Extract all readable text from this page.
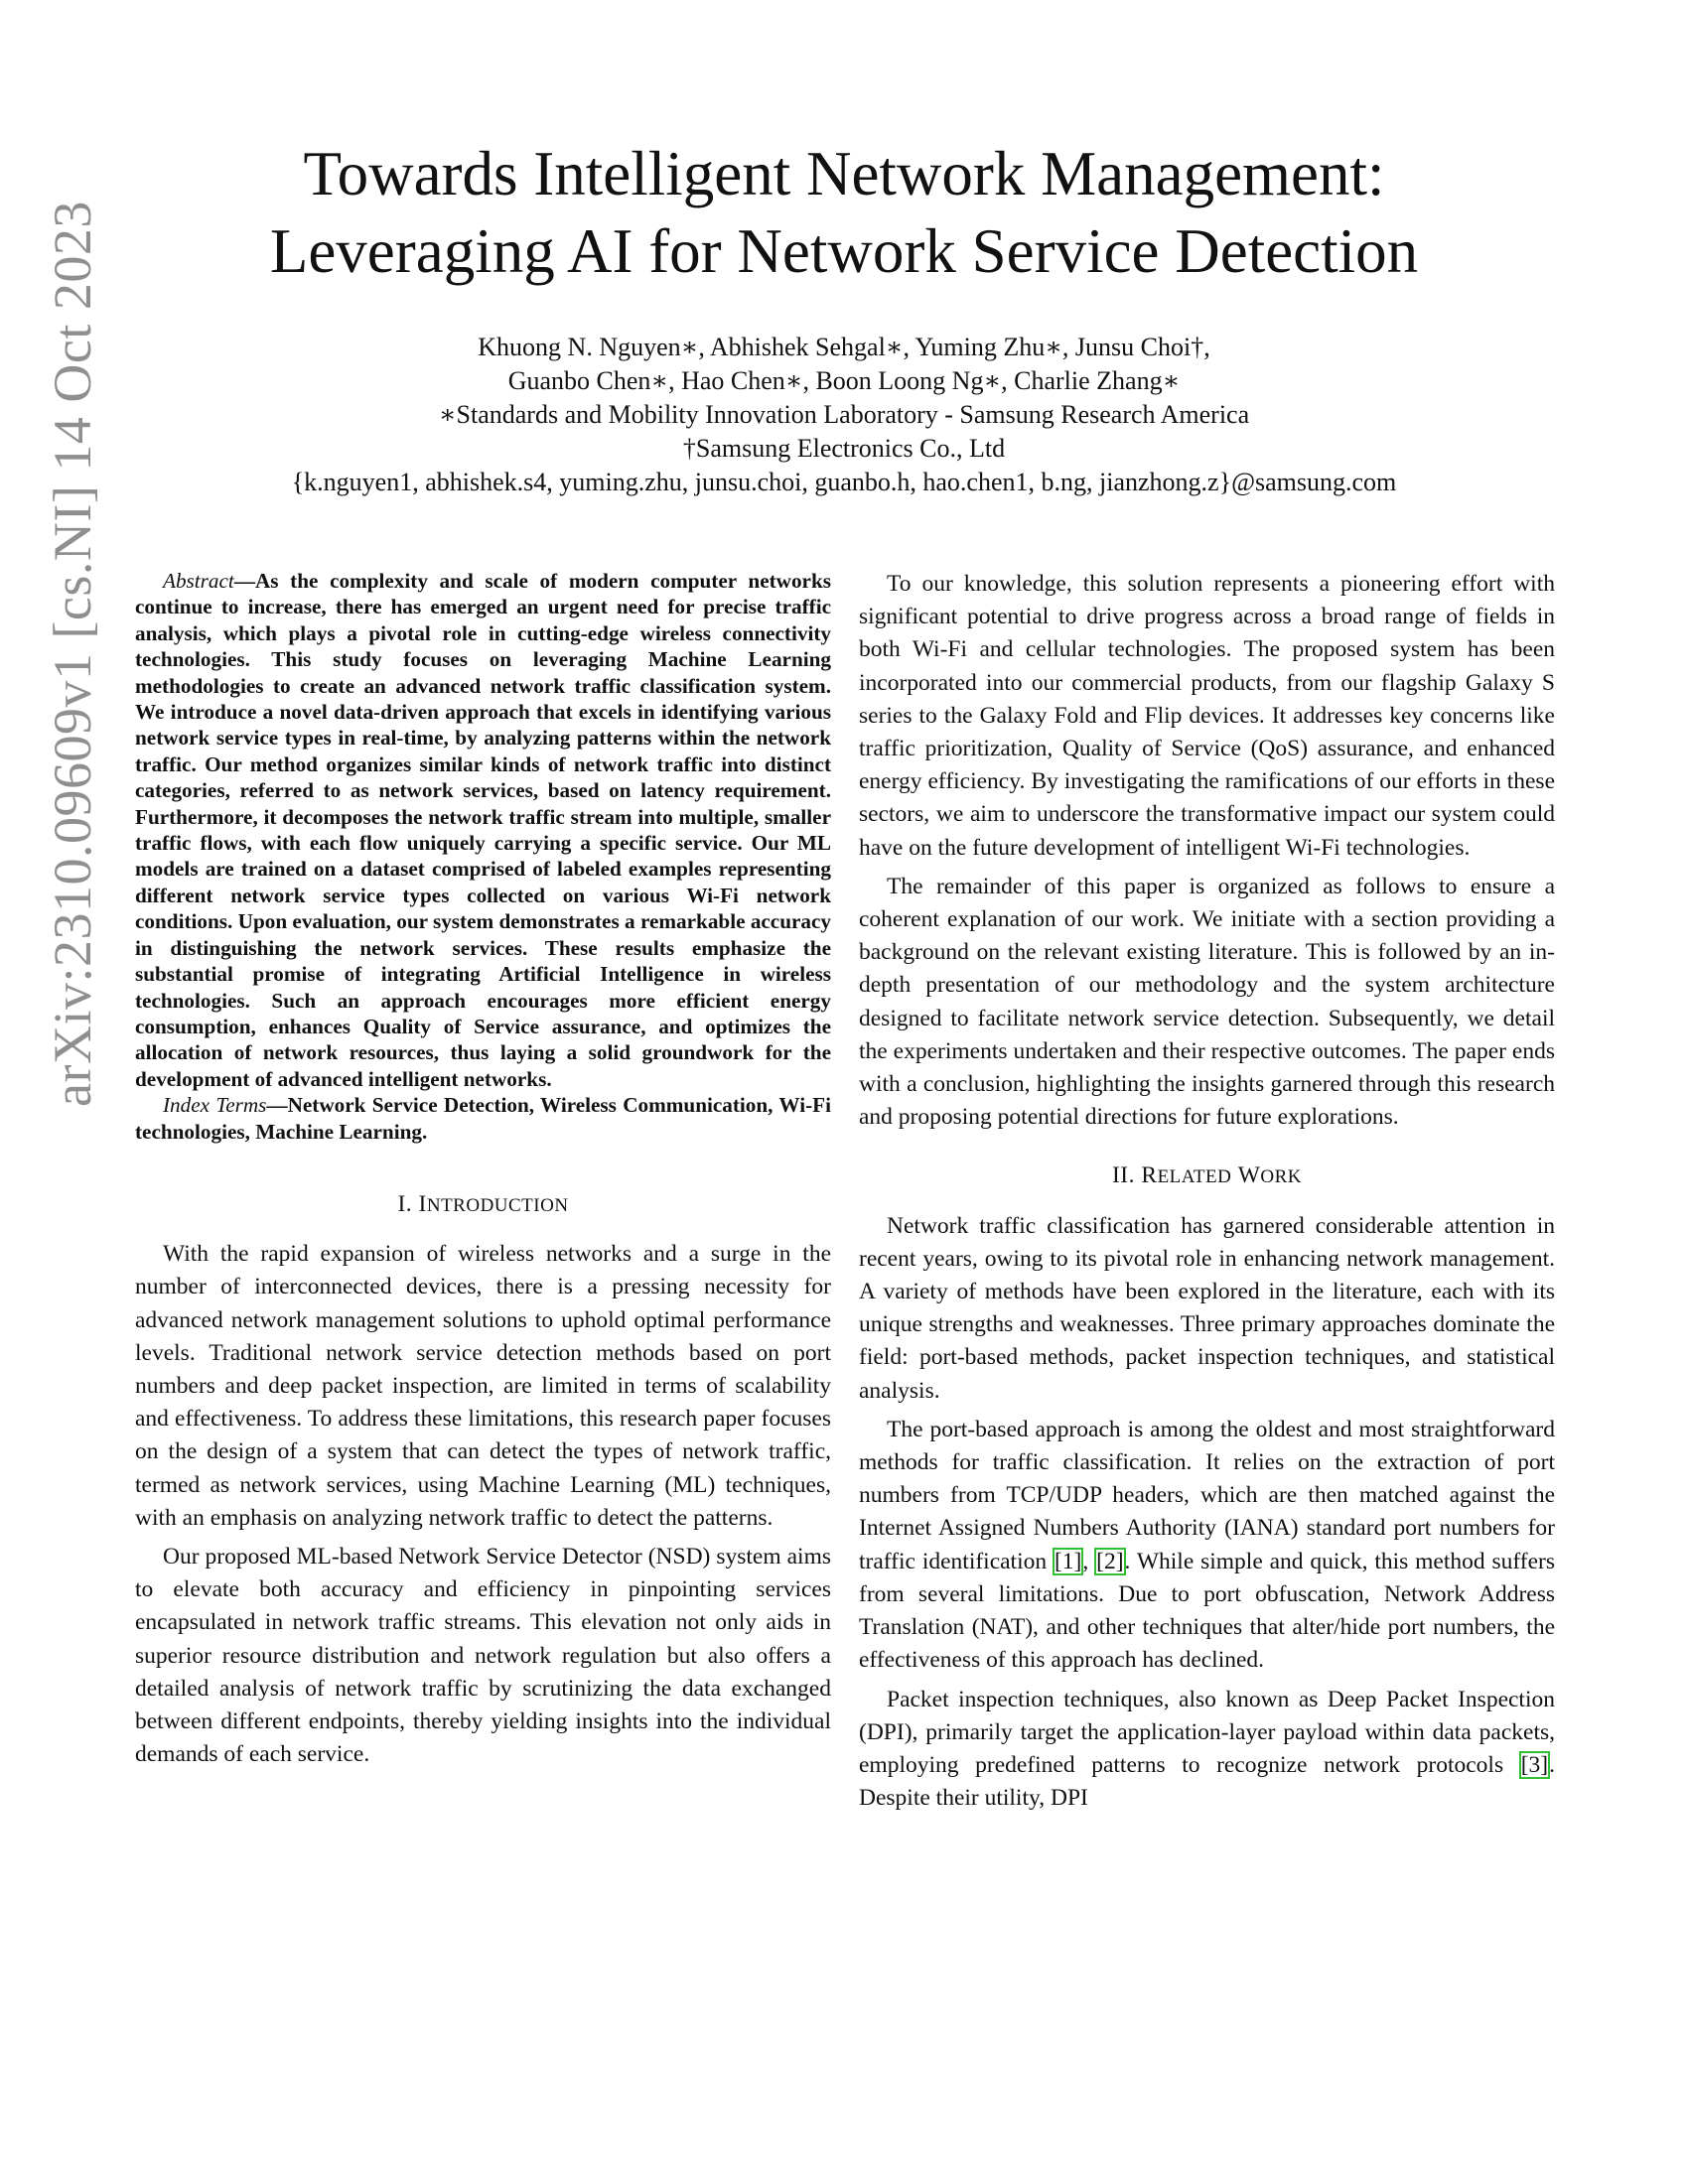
arXiv:2310.09609v1 [cs.NI] 14 Oct 2023
Towards Intelligent Network Management:
Leveraging AI for Network Service Detection
Khuong N. Nguyen∗, Abhishek Sehgal∗, Yuming Zhu∗, Junsu Choi†,
Guanbo Chen∗, Hao Chen∗, Boon Loong Ng∗, Charlie Zhang∗
∗Standards and Mobility Innovation Laboratory - Samsung Research America
†Samsung Electronics Co., Ltd
{k.nguyen1, abhishek.s4, yuming.zhu, junsu.choi, guanbo.h, hao.chen1, b.ng, jianzhong.z}@samsung.com

Abstract—As the complexity and scale of modern computer networks continue to increase, there has emerged an urgent need for precise traffic analysis, which plays a pivotal role in cutting-edge wireless connectivity technologies. This study focuses on leveraging Machine Learning methodologies to create an advanced network traffic classification system. We introduce a novel data-driven approach that excels in identifying various network service types in real-time, by analyzing patterns within the network traffic. Our method organizes similar kinds of network traffic into distinct categories, referred to as network services, based on latency requirement. Furthermore, it decomposes the network traffic stream into multiple, smaller traffic flows, with each flow uniquely carrying a specific service. Our ML models are trained on a dataset comprised of labeled examples representing different network service types collected on various Wi-Fi network conditions. Upon evaluation, our system demonstrates a remarkable accuracy in distinguishing the network services. These results emphasize the substantial promise of integrating Artificial Intelligence in wireless technologies. Such an approach encourages more efficient energy consumption, enhances Quality of Service assurance, and optimizes the allocation of network resources, thus laying a solid groundwork for the development of advanced intelligent networks.

Index Terms—Network Service Detection, Wireless Communication, Wi-Fi technologies, Machine Learning.

I. INTRODUCTION

With the rapid expansion of wireless networks and a surge in the number of interconnected devices, there is a pressing necessity for advanced network management solutions to uphold optimal performance levels. Traditional network service detection methods based on port numbers and deep packet inspection, are limited in terms of scalability and effectiveness. To address these limitations, this research paper focuses on the design of a system that can detect the types of network traffic, termed as network services, using Machine Learning (ML) techniques, with an emphasis on analyzing network traffic to detect the patterns.

Our proposed ML-based Network Service Detector (NSD) system aims to elevate both accuracy and efficiency in pinpointing services encapsulated in network traffic streams. This elevation not only aids in superior resource distribution and network regulation but also offers a detailed analysis of network traffic by scrutinizing the data exchanged between different endpoints, thereby yielding insights into the individual demands of each service.

To our knowledge, this solution represents a pioneering effort with significant potential to drive progress across a broad range of fields in both Wi-Fi and cellular technologies. The proposed system has been incorporated into our commercial products, from our flagship Galaxy S series to the Galaxy Fold and Flip devices. It addresses key concerns like traffic prioritization, Quality of Service (QoS) assurance, and enhanced energy efficiency. By investigating the ramifications of our efforts in these sectors, we aim to underscore the transformative impact our system could have on the future development of intelligent Wi-Fi technologies.

The remainder of this paper is organized as follows to ensure a coherent explanation of our work. We initiate with a section providing a background on the relevant existing literature. This is followed by an in-depth presentation of our methodology and the system architecture designed to facilitate network service detection. Subsequently, we detail the experiments undertaken and their respective outcomes. The paper ends with a conclusion, highlighting the insights garnered through this research and proposing potential directions for future explorations.

II. RELATED WORK

Network traffic classification has garnered considerable attention in recent years, owing to its pivotal role in enhancing network management. A variety of methods have been explored in the literature, each with its unique strengths and weaknesses. Three primary approaches dominate the field: port-based methods, packet inspection techniques, and statistical analysis.

The port-based approach is among the oldest and most straightforward methods for traffic classification. It relies on the extraction of port numbers from TCP/UDP headers, which are then matched against the Internet Assigned Numbers Authority (IANA) standard port numbers for traffic identification [1], [2]. While simple and quick, this method suffers from several limitations. Due to port obfuscation, Network Address Translation (NAT), and other techniques that alter/hide port numbers, the effectiveness of this approach has declined.

Packet inspection techniques, also known as Deep Packet Inspection (DPI), primarily target the application-layer payload within data packets, employing predefined patterns to recognize network protocols [3]. Despite their utility, DPI
